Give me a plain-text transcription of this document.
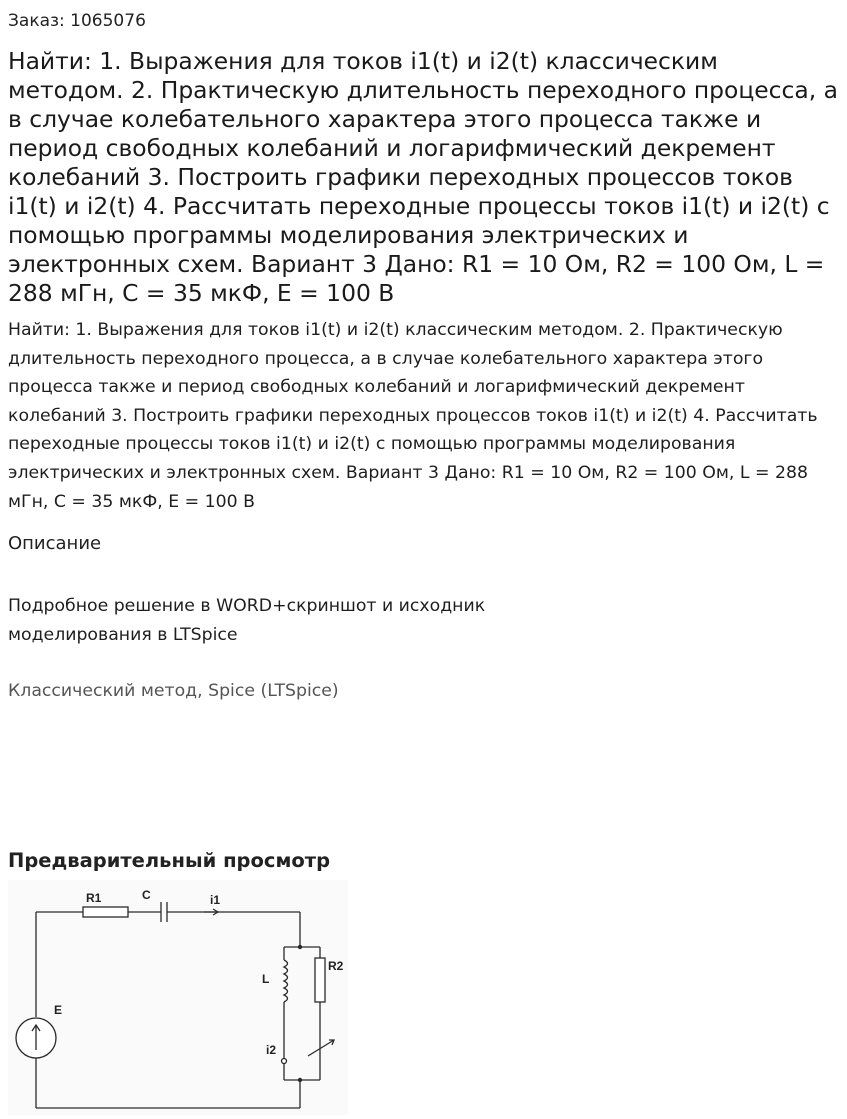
Заказ: 1065076
Найти: 1. Выражения для токов i1(t) и i2(t) классическим методом. 2. Практическую длительность переходного процесса, а в случае колебательного характера этого процесса также и период свободных колебаний и логарифмический декремент колебаний 3. Построить графики переходных процессов токов i1(t) и i2(t) 4. Рассчитать переходные процессы токов i1(t) и i2(t) с помощью программы моделирования электрических и электронных схем. Вариант 3 Дано: R1 = 10 Ом, R2 = 100 Ом, L = 288 мГн, C = 35 мкФ, E = 100 В

Найти: 1. Выражения для токов i1(t) и i2(t) классическим методом. 2. Практическую длительность переходного процесса, а в случае колебательного характера этого процесса также и период свободных колебаний и логарифмический декремент колебаний 3. Построить графики переходных процессов токов i1(t) и i2(t) 4. Рассчитать переходные процессы токов i1(t) и i2(t) с помощью программы моделирования электрических и электронных схем. Вариант 3 Дано: R1 = 10 Ом, R2 = 100 Ом, L = 288 мГн, C = 35 мкФ, E = 100 В

Описание

Подробное решение в WORD+скриншот и исходник моделирования в LTSpice

Классический метод, Spice (LTSpice)
Предварительный просмотр
R1	C	i1
R2
L
E
i2
